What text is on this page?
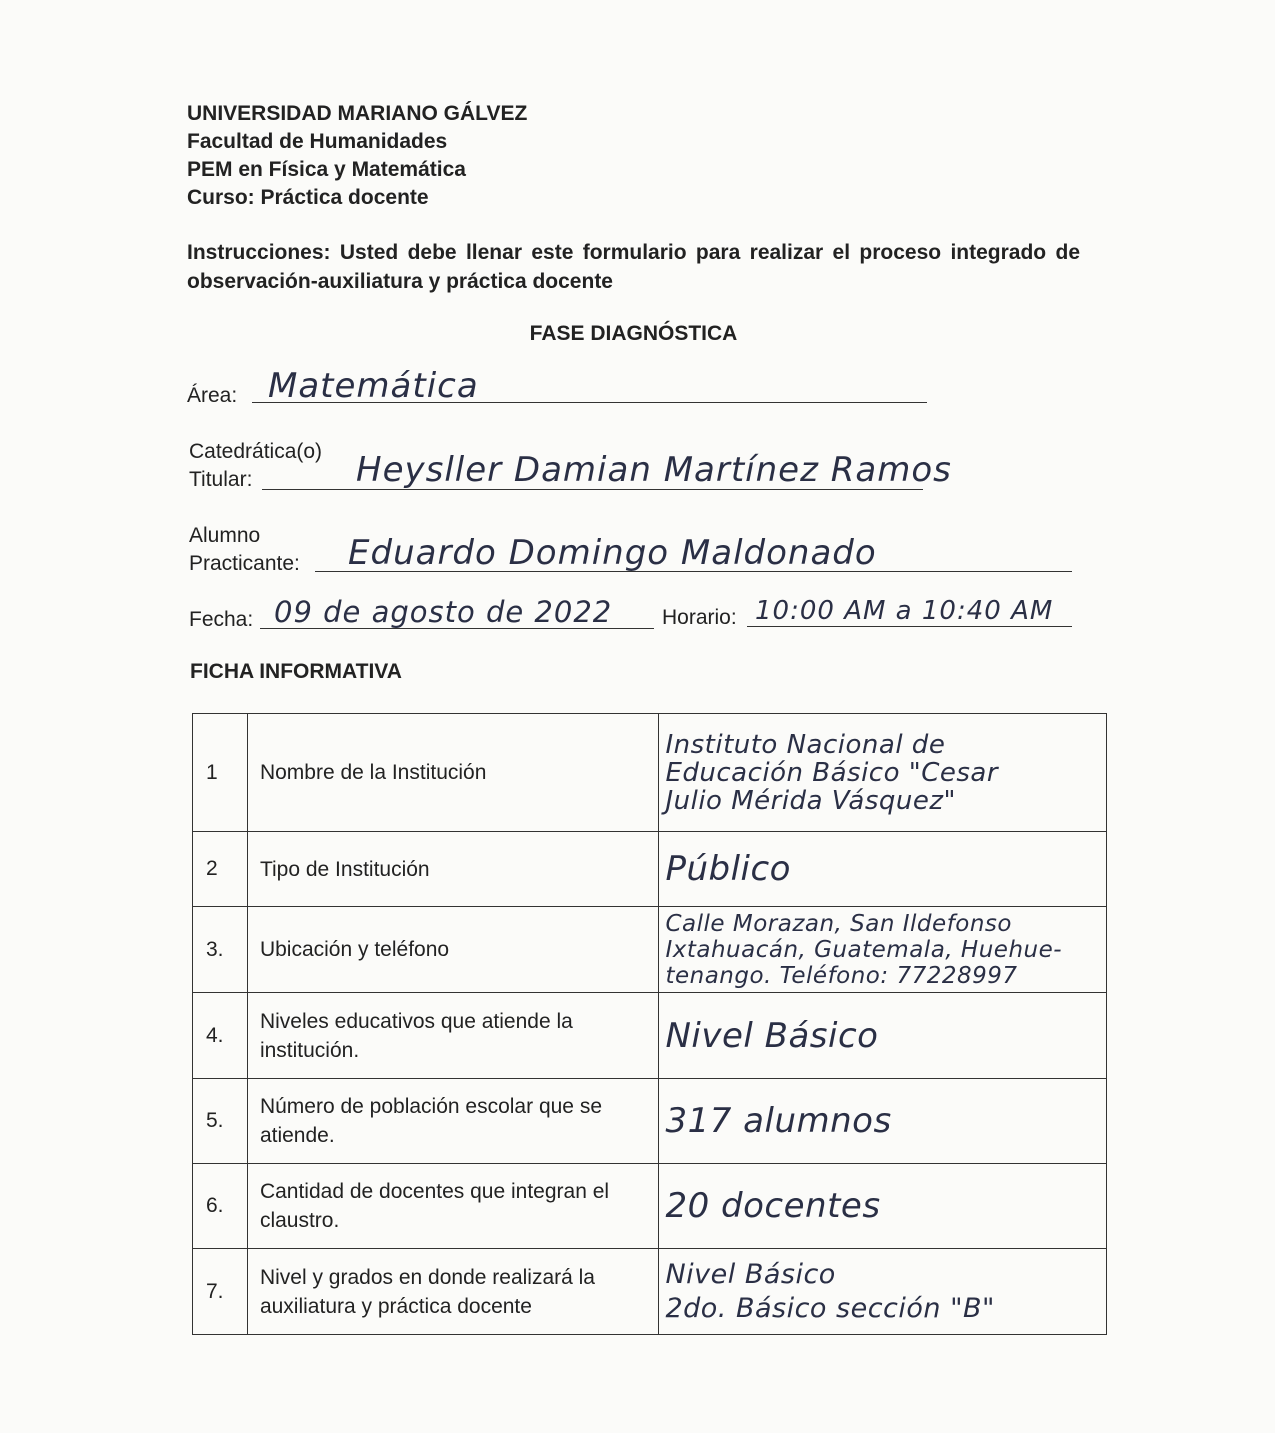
UNIVERSIDAD MARIANO GÁLVEZ
Facultad de Humanidades
PEM en Física y Matemática
Curso: Práctica docente
Instrucciones: Usted debe llenar este formulario para realizar el proceso integrado de observación-auxiliatura y práctica docente
FASE DIAGNÓSTICA
Área: Matemática
Catedrática(o)
Titular:	Heysller Damian Martínez Ramos
Alumno
Practicante: Eduardo Domingo Maldonado
Fecha: 09 de agosto de 2022 Horario: 10:00 AM a 10:40 AM
FICHA INFORMATIVA
1	Nombre de la Institución	Instituto Nacional de
Educación Básico "Cesar
Julio Mérida Vásquez"
2	Tipo de Institución	Público
3.	Ubicación y teléfono	Calle Morazan, San Ildefonso
Ixtahuacán, Guatemala, Huehue-
tenango. Teléfono: 77228997
4.	Niveles educativos que atiende la institución.	Nivel Básico
5.	Número de población escolar que se atiende.	317 alumnos
6.	Cantidad de docentes que integran el claustro.	20 docentes
7.	Nivel y grados en donde realizará la auxiliatura y práctica docente	Nivel Básico
2do. Básico sección "B"
